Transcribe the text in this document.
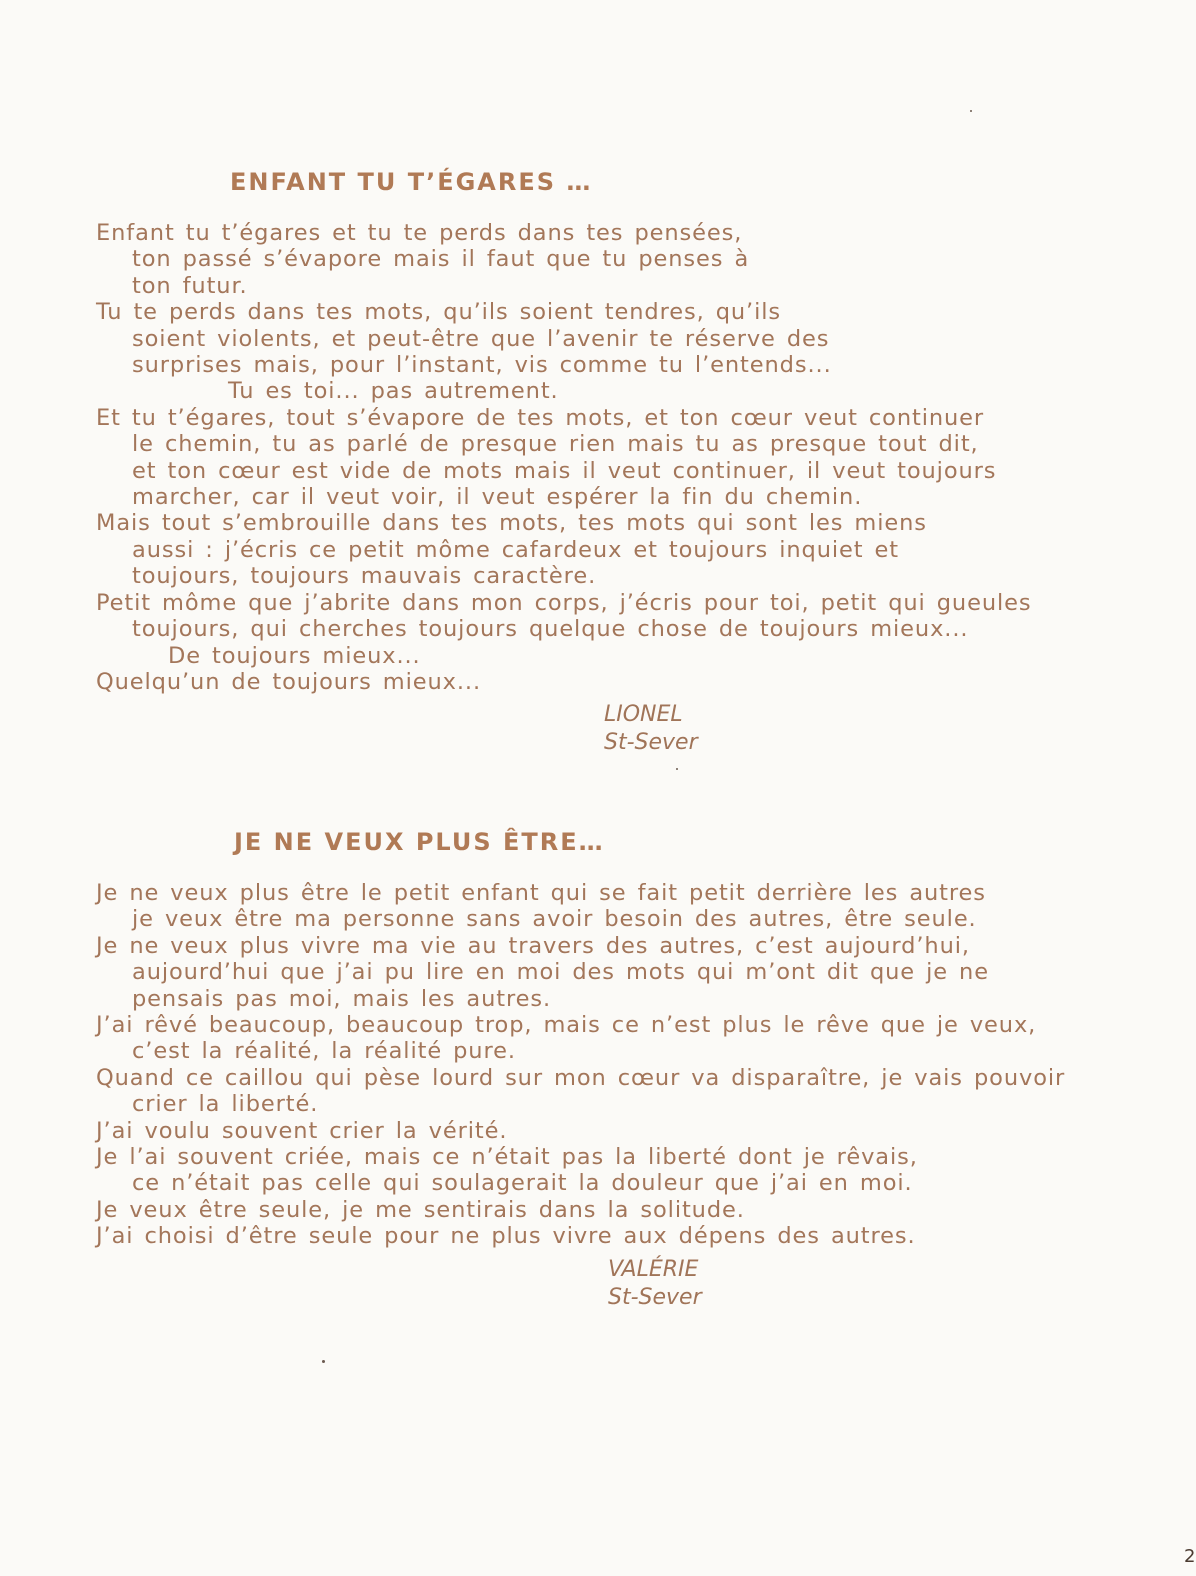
ENFANT TU T’ÉGARES …

Enfant tu t’égares et tu te perds dans tes pensées,

ton passé s’évapore mais il faut que tu penses à

ton futur.

Tu te perds dans tes mots, qu’ils soient tendres, qu’ils

soient violents, et peut-être que l’avenir te réserve des

surprises mais, pour l’instant, vis comme tu l’entends...

Tu es toi... pas autrement.

Et tu t’égares, tout s’évapore de tes mots, et ton cœur veut continuer

le chemin, tu as parlé de presque rien mais tu as presque tout dit,

et ton cœur est vide de mots mais il veut continuer, il veut toujours

marcher, car il veut voir, il veut espérer la fin du chemin.

Mais tout s’embrouille dans tes mots, tes mots qui sont les miens

aussi : j’écris ce petit môme cafardeux et toujours inquiet et

toujours, toujours mauvais caractère.

Petit môme que j’abrite dans mon corps, j’écris pour toi, petit qui gueules

toujours, qui cherches toujours quelque chose de toujours mieux...

De toujours mieux...

Quelqu’un de toujours mieux...

LIONEL

St-Sever

JE NE VEUX PLUS ÊTRE…

Je ne veux plus être le petit enfant qui se fait petit derrière les autres

je veux être ma personne sans avoir besoin des autres, être seule.

Je ne veux plus vivre ma vie au travers des autres, c’est aujourd’hui,

aujourd’hui que j’ai pu lire en moi des mots qui m’ont dit que je ne

pensais pas moi, mais les autres.

J’ai rêvé beaucoup, beaucoup trop, mais ce n’est plus le rêve que je veux,

c’est la réalité, la réalité pure.

Quand ce caillou qui pèse lourd sur mon cœur va disparaître, je vais pouvoir

crier la liberté.

J’ai voulu souvent crier la vérité.

Je l’ai souvent criée, mais ce n’était pas la liberté dont je rêvais,

ce n’était pas celle qui soulagerait la douleur que j’ai en moi.

Je veux être seule, je me sentirais dans la solitude.

J’ai choisi d’être seule pour ne plus vivre aux dépens des autres.

VALÉRIE

St-Sever

2
